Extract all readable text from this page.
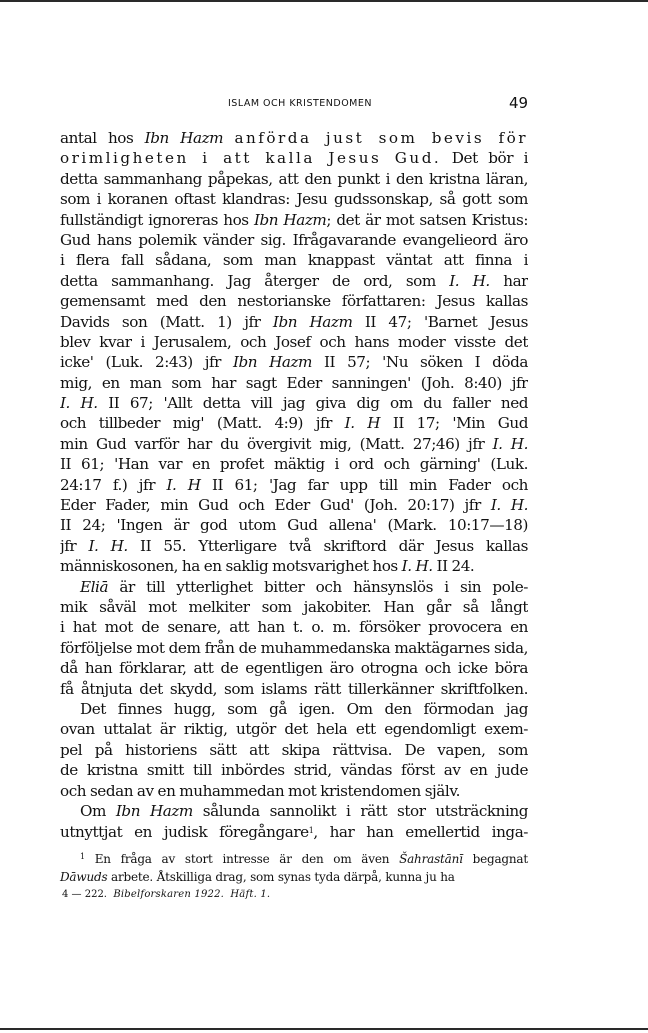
ISLAM OCH KRISTENDOMEN	49
antal hos Ibn Hazm anförda just som bevis för
orimligheten i att kalla Jesus Gud. Det bör i
detta sammanhang påpekas, att den punkt i den kristna läran,
som i koranen oftast klandras: Jesu gudssonskap, så gott som
fullständigt ignoreras hos Ibn Hazm; det är mot satsen Kristus:
Gud hans polemik vänder sig. Ifrågavarande evangelieord äro
i flera fall sådana, som man knappast väntat att finna i
detta sammanhang. Jag återger de ord, som I. H. har
gemensamt med den nestorianske författaren: Jesus kallas
Davids son (Matt. 1) jfr Ibn Hazm II 47; 'Barnet Jesus
blev kvar i Jerusalem, och Josef och hans moder visste det
icke' (Luk. 2:43) jfr Ibn Hazm II 57; 'Nu söken I döda
mig, en man som har sagt Eder sanningen' (Joh. 8:40) jfr
I. H. II 67; 'Allt detta vill jag giva dig om du faller ned
och tillbeder mig' (Matt. 4:9) jfr I. H II 17; 'Min Gud
min Gud varför har du övergivit mig, (Matt. 27;46) jfr I. H.
II 61; 'Han var en profet mäktig i ord och gärning' (Luk.
24:17 f.) jfr I. H II 61; 'Jag far upp till min Fader och
Eder Fader, min Gud och Eder Gud' (Joh. 20:17) jfr I. H.
II 24; 'Ingen är god utom Gud allena' (Mark. 10:17—18)
jfr I. H. II 55. Ytterligare två skriftord där Jesus kallas
människosonen, ha en saklig motsvarighet hos I. H. II 24.
Eliā är till ytterlighet bitter och hänsynslös i sin pole-
mik såväl mot melkiter som jakobiter. Han går så långt
i hat mot de senare, att han t. o. m. försöker provocera en
förföljelse mot dem från de muhammedanska maktägarnes sida,
då han förklarar, att de egentligen äro otrogna och icke böra
få åtnjuta det skydd, som islams rätt tillerkänner skriftfolken.
Det finnes hugg, som gå igen. Om den förmodan jag
ovan uttalat är riktig, utgör det hela ett egendomligt exem-
pel på historiens sätt att skipa rättvisa. De vapen, som
de kristna smitt till inbördes strid, vändas först av en jude
och sedan av en muhammedan mot kristendomen själv.
Om Ibn Hazm sålunda sannolikt i rätt stor utsträckning
utnyttjat en judisk föregångare$^1$, har han emellertid inga-
$^1$ En fråga av stort intresse är den om även Šahrastānī begagnat
Dāwuds arbete. Åtskilliga drag, som synas tyda därpå, kunna ju ha
4 — 222. Bibelforskaren 1922. Häft. 1.
